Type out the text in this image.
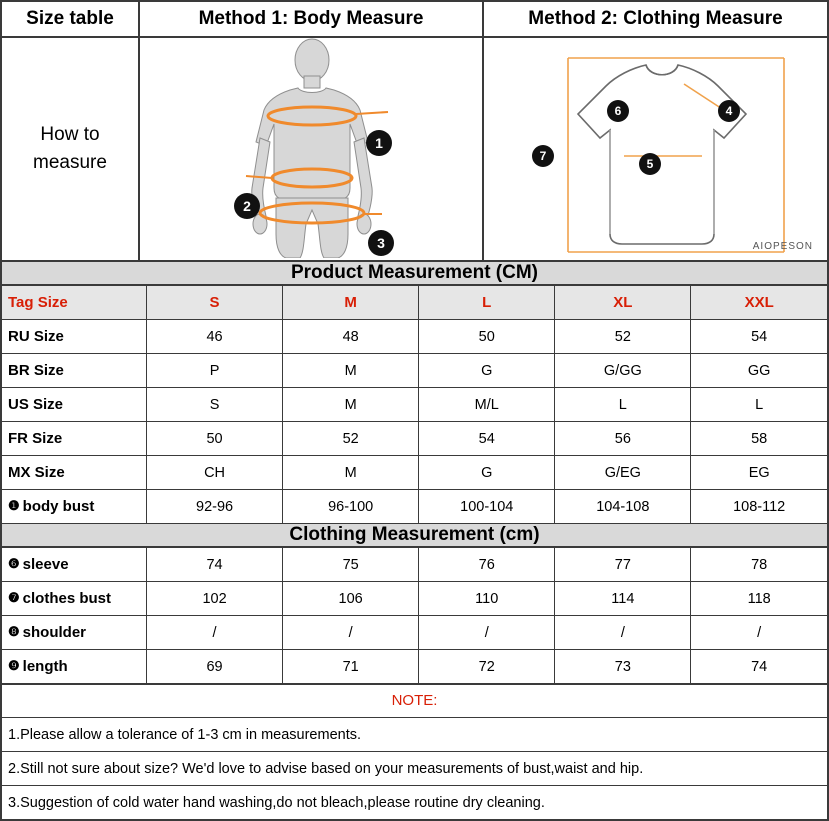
Size table
How to
measure
Method 1: Body Measure
1
2
3
Method 2: Clothing Measure
6	4
5
7
AIOPESON
Product Measurement (CM)
Tag Size	S	M	L	XL	XXL
RU Size	46	48	50	52	54
BR Size	P	M	G	G/GG	GG
US Size	S	M	M/L	L	L
FR Size	50	52	54	56	58
MX Size	CH	M	G	G/EG	EG
❶ body bust	92-96	96-100	100-104	104-108	108-112
Clothing Measurement (cm)
❻ sleeve	74	75	76	77	78
❼ clothes bust	102	106	110	114	118
❽ shoulder	/	/	/	/	/
❾ length	69	71	72	73	74
NOTE:
1.Please allow a tolerance of 1-3 cm in measurements.
2.Still not sure about size? We'd love to advise based on your measurements of bust,waist and hip.
3.Suggestion of cold water hand washing,do not bleach,please routine dry cleaning.
